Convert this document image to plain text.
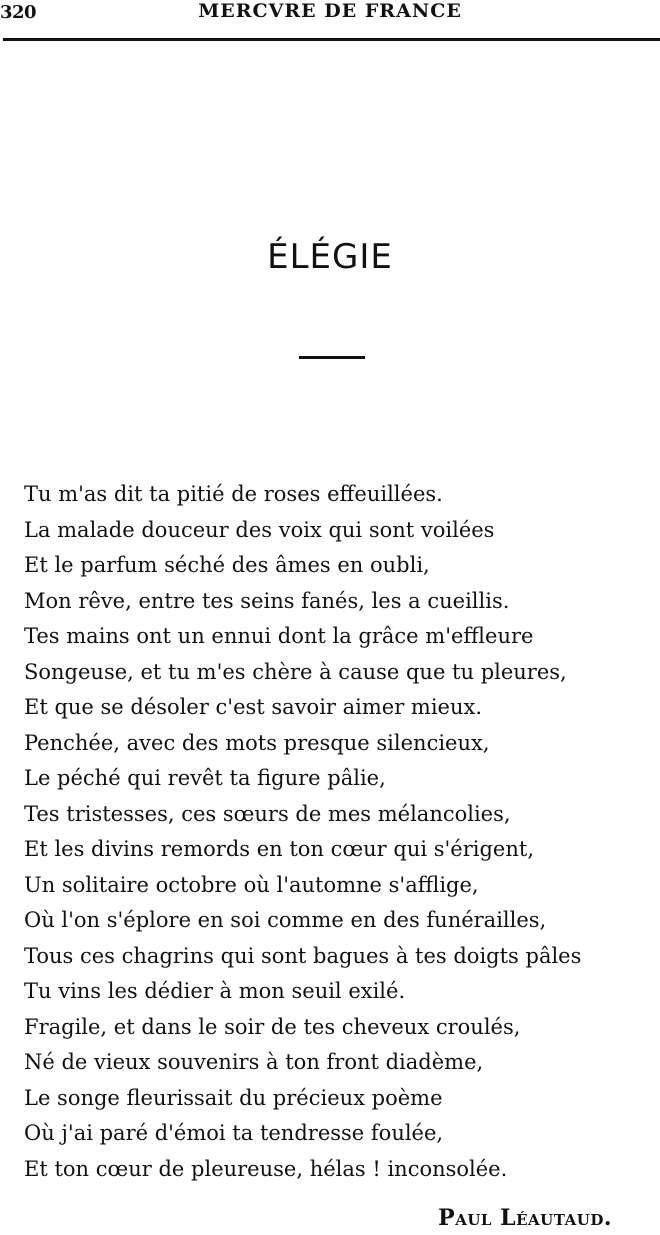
320	MERCVRE DE FRANCE
ÉLÉGIE
Tu m'as dit ta pitié de roses effeuillées.
La malade douceur des voix qui sont voilées
Et le parfum séché des âmes en oubli,
Mon rêve, entre tes seins fanés, les a cueillis.
Tes mains ont un ennui dont la grâce m'effleure
Songeuse, et tu m'es chère à cause que tu pleures,
Et que se désoler c'est savoir aimer mieux.
Penchée, avec des mots presque silencieux,
Le péché qui revêt ta figure pâlie,
Tes tristesses, ces sœurs de mes mélancolies,
Et les divins remords en ton cœur qui s'érigent,
Un solitaire octobre où l'automne s'afflige,
Où l'on s'éplore en soi comme en des funérailles,
Tous ces chagrins qui sont bagues à tes doigts pâles
Tu vins les dédier à mon seuil exilé.
Fragile, et dans le soir de tes cheveux croulés,
Né de vieux souvenirs à ton front diadème,
Le songe fleurissait du précieux poème
Où j'ai paré d'émoi ta tendresse foulée,
Et ton cœur de pleureuse, hélas ! inconsolée.
Paul Léautaud.
